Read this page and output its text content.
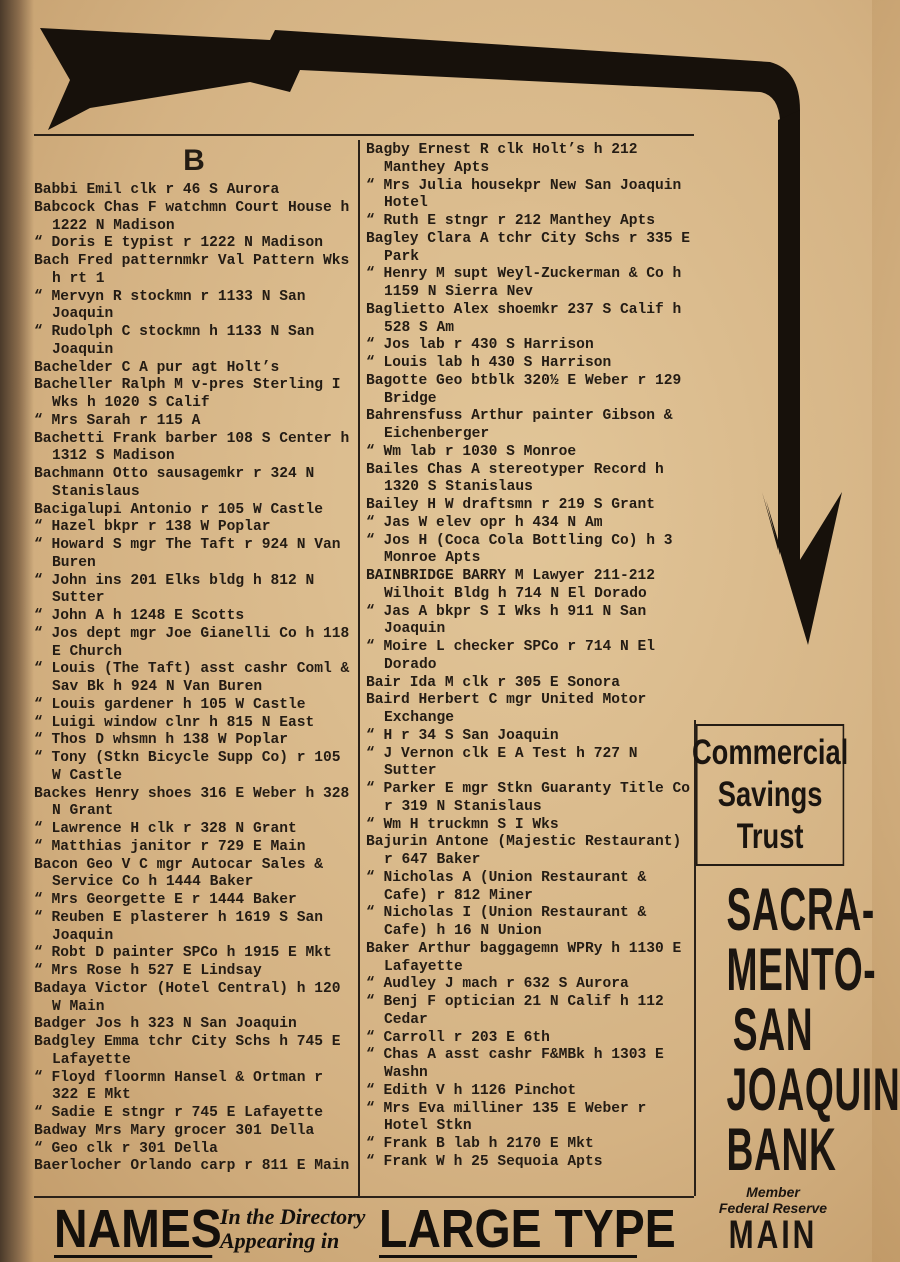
B
Babbi Emil clk r 46 S Aurora
Babcock Chas F watchmn Court House h 1222 N Madison
“ Doris E typist r 1222 N Madison
Bach Fred patternmkr Val Pattern Wks h rt 1
“ Mervyn R stockmn r 1133 N San Joaquin
“ Rudolph C stockmn h 1133 N San Joaquin
Bachelder C A pur agt Holt’s
Bacheller Ralph M v-pres Sterling I Wks h 1020 S Calif
“ Mrs Sarah r 115 A
Bachetti Frank barber 108 S Center h 1312 S Madison
Bachmann Otto sausagemkr r 324 N Stanislaus
Bacigalupi Antonio r 105 W Castle
“ Hazel bkpr r 138 W Poplar
“ Howard S mgr The Taft r 924 N Van Buren
“ John ins 201 Elks bldg h 812 N Sutter
“ John A h 1248 E Scotts
“ Jos dept mgr Joe Gianelli Co h 118 E Church
“ Louis (The Taft) asst cashr Coml & Sav Bk h 924 N Van Buren
“ Louis gardener h 105 W Castle
“ Luigi window clnr h 815 N East
“ Thos D whsmn h 138 W Poplar
“ Tony (Stkn Bicycle Supp Co) r 105 W Castle
Backes Henry shoes 316 E Weber h 328 N Grant
“ Lawrence H clk r 328 N Grant
“ Matthias janitor r 729 E Main
Bacon Geo V C mgr Autocar Sales & Service Co h 1444 Baker
“ Mrs Georgette E r 1444 Baker
“ Reuben E plasterer h 1619 S San Joaquin
“ Robt D painter SPCo h 1915 E Mkt
“ Mrs Rose h 527 E Lindsay
Badaya Victor (Hotel Central) h 120 W Main
Badger Jos h 323 N San Joaquin
Badgley Emma tchr City Schs h 745 E Lafayette
“ Floyd floormn Hansel & Ortman r 322 E Mkt
“ Sadie E stngr r 745 E Lafayette
Badway Mrs Mary grocer 301 Della
“ Geo clk r 301 Della
Baerlocher Orlando carp r 811 E Main
Bagby Ernest R clk Holt’s h 212 Manthey Apts
“ Mrs Julia housekpr New San Joaquin Hotel
“ Ruth E stngr r 212 Manthey Apts
Bagley Clara A tchr City Schs r 335 E Park
“ Henry M supt Weyl-Zuckerman & Co h 1159 N Sierra Nev
Baglietto Alex shoemkr 237 S Calif h 528 S Am
“ Jos lab r 430 S Harrison
“ Louis lab h 430 S Harrison
Bagotte Geo btblk 320½ E Weber r 129 Bridge
Bahrensfuss Arthur painter Gibson & Eichenberger
“ Wm lab r 1030 S Monroe
Bailes Chas A stereotyper Record h 1320 S Stanislaus
Bailey H W draftsmn r 219 S Grant
“ Jas W elev opr h 434 N Am
“ Jos H (Coca Cola Bottling Co) h 3 Monroe Apts
BAINBRIDGE BARRY M Lawyer 211-212 Wilhoit Bldg h 714 N El Dorado
“ Jas A bkpr S I Wks h 911 N San Joaquin
“ Moire L checker SPCo r 714 N El Dorado
Bair Ida M clk r 305 E Sonora
Baird Herbert C mgr United Motor Exchange
“ H r 34 S San Joaquin
“ J Vernon clk E A Test h 727 N Sutter
“ Parker E mgr Stkn Guaranty Title Co r 319 N Stanislaus
“ Wm H truckmn S I Wks
Bajurin Antone (Majestic Restaurant) r 647 Baker
“ Nicholas A (Union Restaurant & Cafe) r 812 Miner
“ Nicholas I (Union Restaurant & Cafe) h 16 N Union
Baker Arthur baggagemn WPRy h 1130 E Lafayette
“ Audley J mach r 632 S Aurora
“ Benj F optician 21 N Calif h 112 Cedar
“ Carroll r 203 E 6th
“ Chas A asst cashr F&MBk h 1303 E Washn
“ Edith V h 1126 Pinchot
“ Mrs Eva milliner 135 E Weber r Hotel Stkn
“ Frank B lab h 2170 E Mkt
“ Frank W h 25 Sequoia Apts
Commercial
Savings
Trust
SACRA-
MENTO-
SAN
JOAQUIN
BANK
Member
Federal Reserve
MAIN
NAMES
In the Directory
Appearing in LARGE TYPE
